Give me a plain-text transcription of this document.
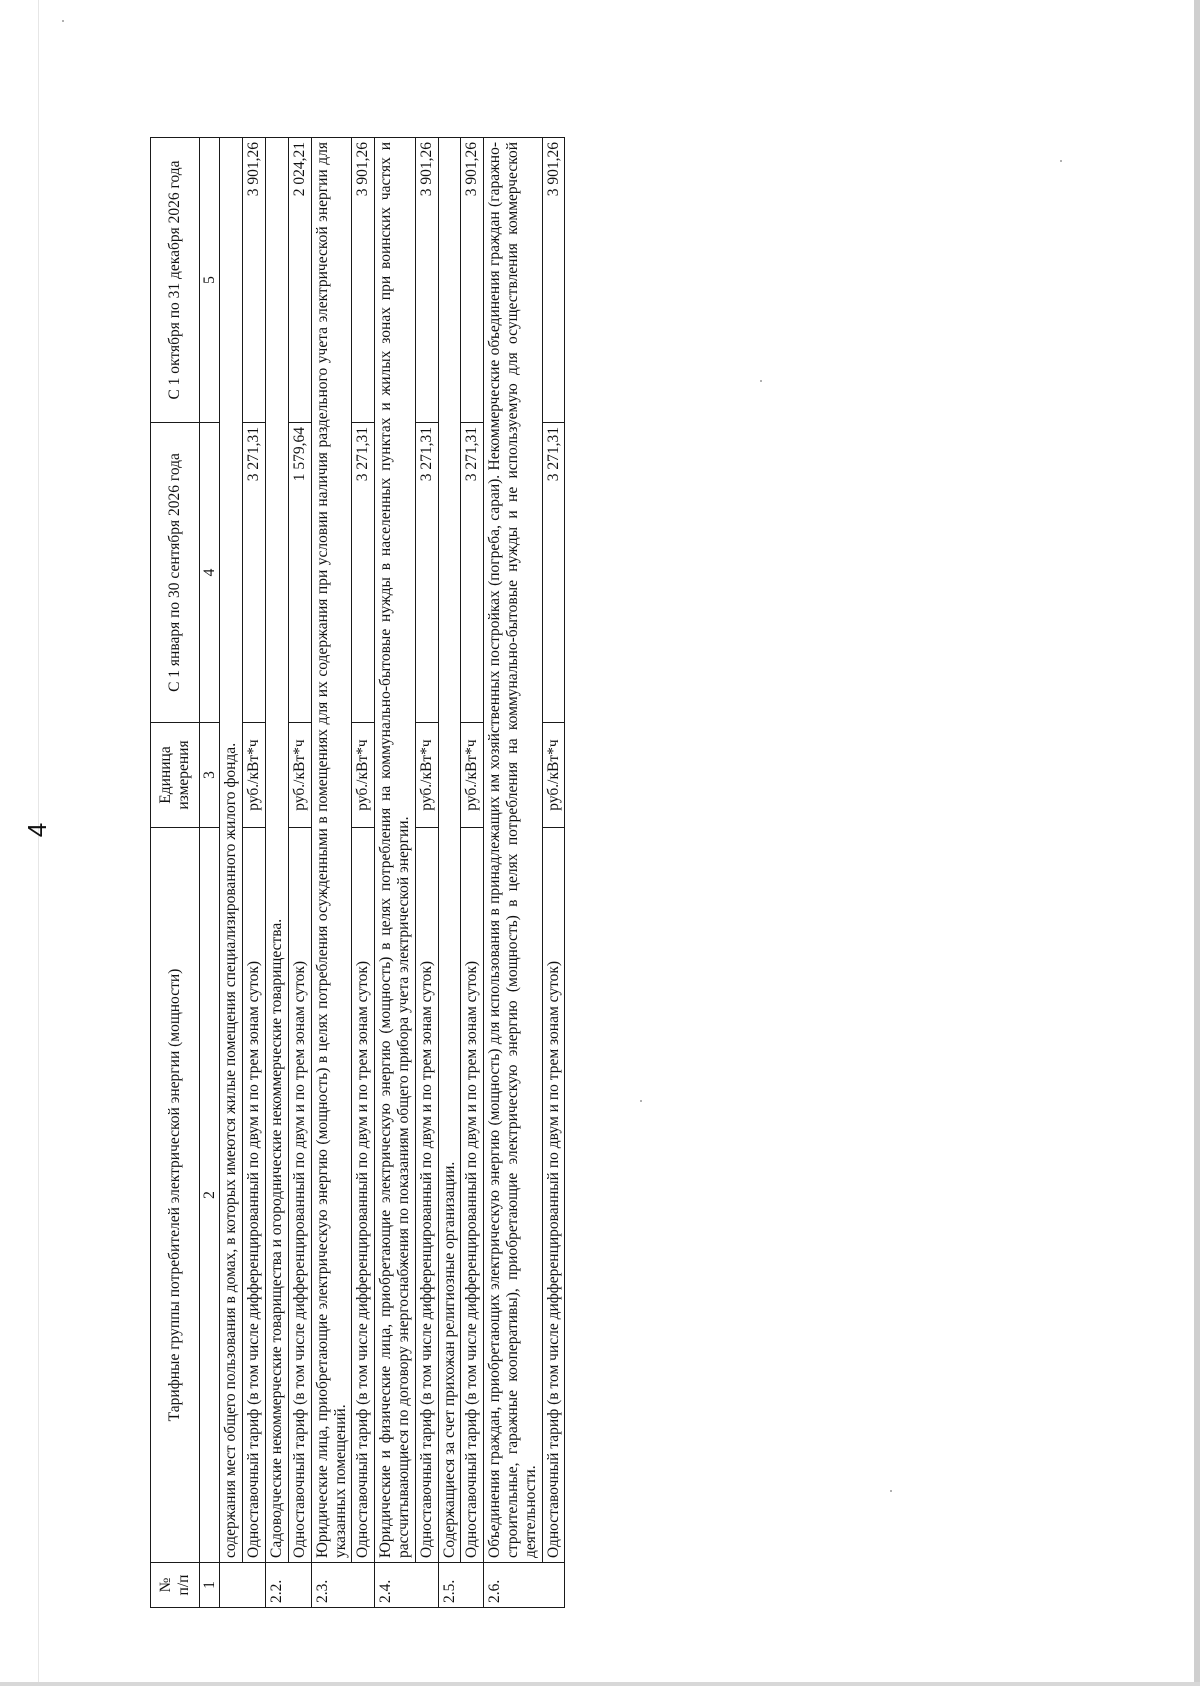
4
№
п/п	Тарифные группы потребителей электрической энергии (мощности)	Единица измерения	С 1 января по 30 сентября 2026 года	С 1 октября по 31 декабря 2026 года
1	2	3	4	5
	содержания мест общего пользования в домах, в которых имеются жилые помещения специализированного жилого фонда.			
	Одноставочный тариф (в том числе дифференцированный по двум и по трем зонам суток)	руб./кВт*ч	3 271,31	3 901,26
2.2.	Садоводческие некоммерческие товарищества и огороднические некоммерческие товарищества.			
	Одноставочный тариф (в том числе дифференцированный по двум и по трем зонам суток)	руб./кВт*ч	1 579,64	2 024,21
2.3.	Юридические лица, приобретающие электрическую энергию (мощность) в целях потребления осужденными в помещениях для их содержания при условии наличия раздельного учета электрической энергии для указанных помещений.			
	Одноставочный тариф (в том числе дифференцированный по двум и по трем зонам суток)	руб./кВт*ч	3 271,31	3 901,26
2.4.	Юридические и физические лица, приобретающие электрическую энергию (мощность) в целях потребления на коммунально-бытовые нужды в населенных пунктах и жилых зонах при воинских частях и рассчитывающиеся по договору энергоснабжения по показаниям общего прибора учета электрической энергии.			
	Одноставочный тариф (в том числе дифференцированный по двум и по трем зонам суток)	руб./кВт*ч	3 271,31	3 901,26
2.5.	Содержащиеся за счет прихожан религиозные организации.			
	Одноставочный тариф (в том числе дифференцированный по двум и по трем зонам суток)	руб./кВт*ч	3 271,31	3 901,26
2.6.	Объединения граждан, приобретающих электрическую энергию (мощность) для использования в принадлежащих им хозяйственных постройках (погреба, сараи). Некоммерческие объединения граждан (гаражно-строительные, гаражные кооперативы), приобретающие электрическую энергию (мощность) в целях потребления на коммунально-бытовые нужды и не используемую для осуществления коммерческой деятельности.			
	Одноставочный тариф (в том числе дифференцированный по двум и по трем зонам суток)	руб./кВт*ч	3 271,31	3 901,26
